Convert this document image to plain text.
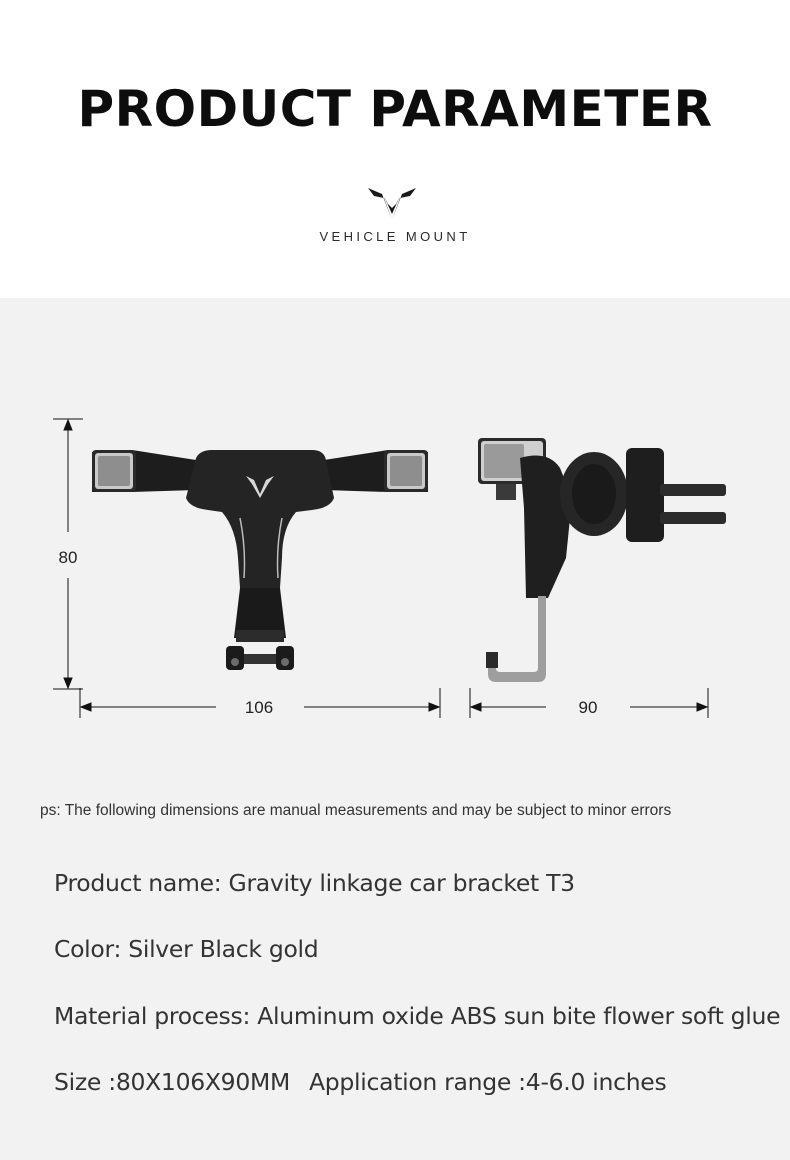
PRODUCT PARAMETER
VEHICLE MOUNT
80
106	90
ps: The following dimensions are manual measurements and may be subject to minor errors
Product name: Gravity linkage car bracket T3
Color: Silver Black gold
Material process: Aluminum oxide ABS sun bite flower soft glue
Size :80X106X90MM Application range :4-6.0 inches
